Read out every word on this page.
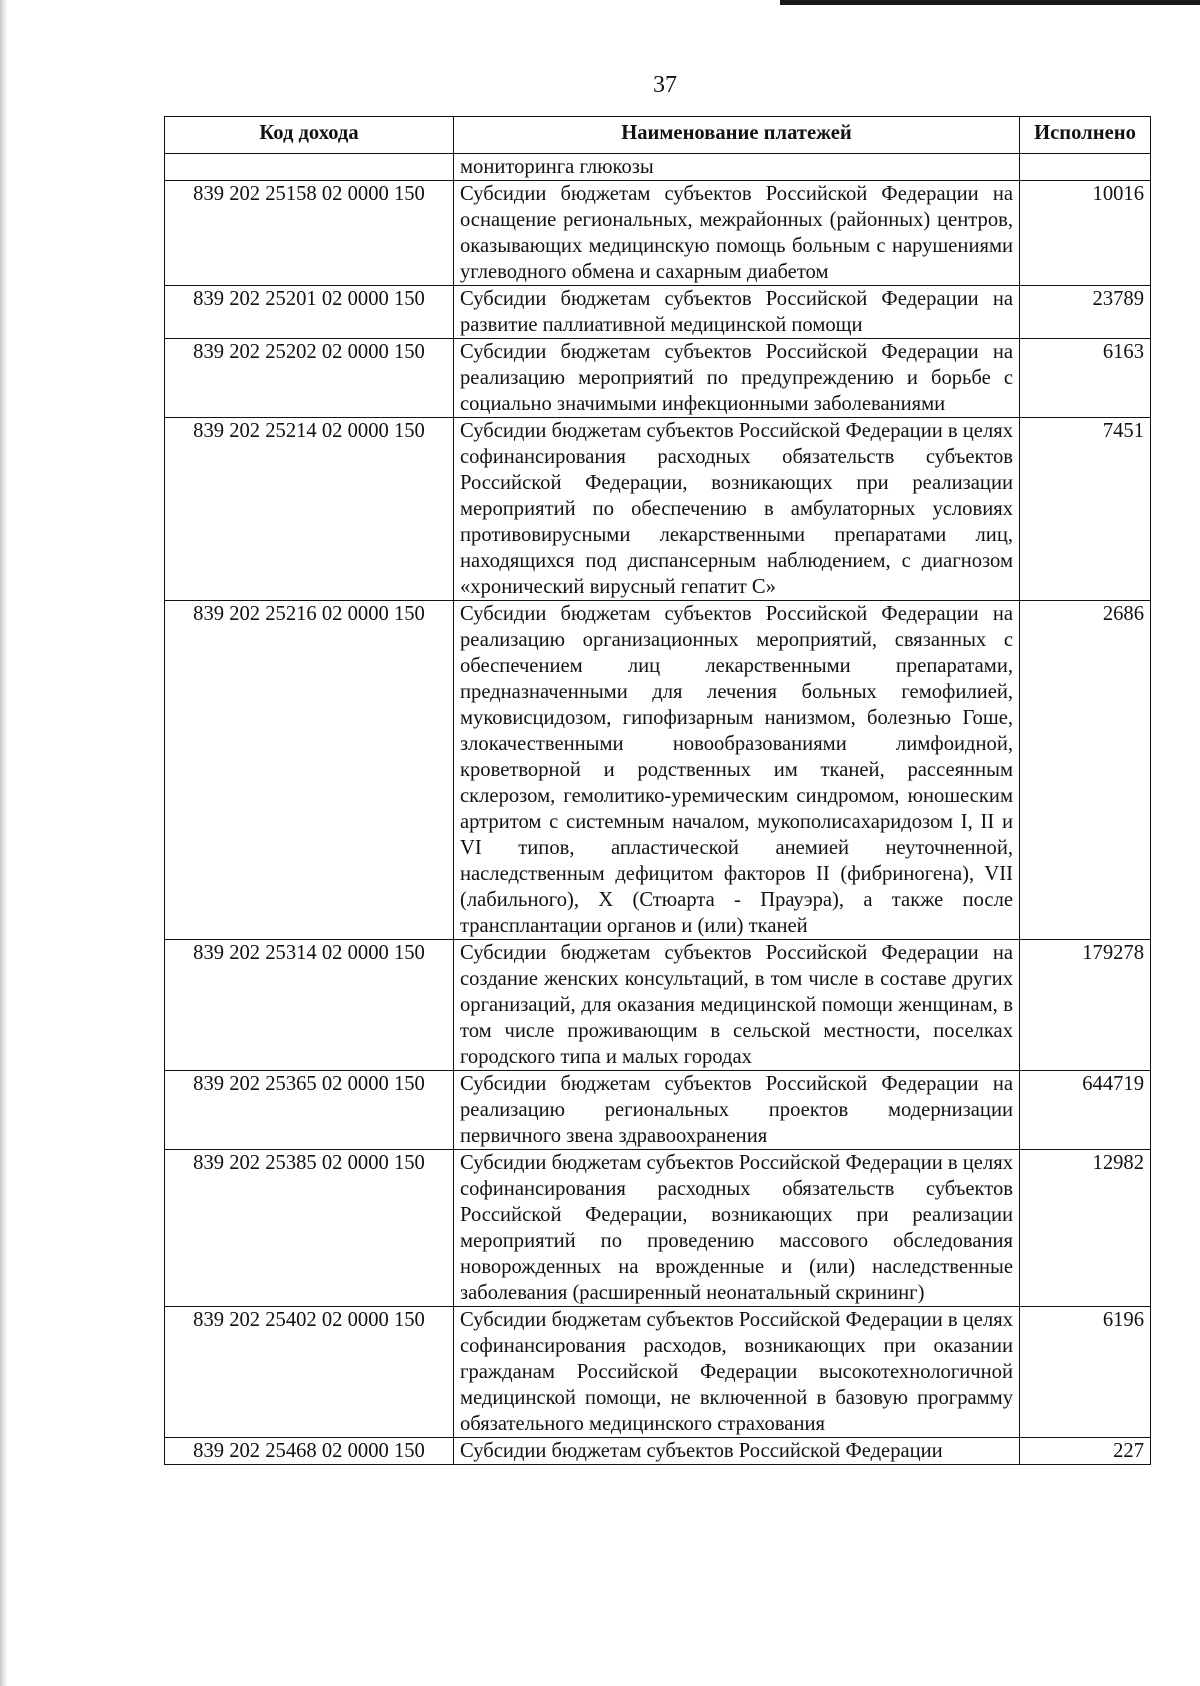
37
Код дохода	Наименование платежей	Исполнено
	мониторинга глюкозы	
839 202 25158 02 0000 150	Субсидии бюджетам субъектов Российской Федерации на оснащение региональных, межрайонных (районных) центров, оказывающих медицинскую помощь больным с нарушениями углеводного обмена и сахарным диабетом	10016
839 202 25201 02 0000 150	Субсидии бюджетам субъектов Российской Федерации на развитие паллиативной медицинской помощи	23789
839 202 25202 02 0000 150	Субсидии бюджетам субъектов Российской Федерации на реализацию мероприятий по предупреждению и борьбе с социально значимыми инфекционными заболеваниями	6163
839 202 25214 02 0000 150	Субсидии бюджетам субъектов Российской Федерации в целях софинансирования расходных обязательств субъектов Российской Федерации, возникающих при реализации мероприятий по обеспечению в амбулаторных условиях противовирусными лекарственными препаратами лиц, находящихся под диспансерным наблюдением, с диагнозом «хронический вирусный гепатит С»	7451
839 202 25216 02 0000 150	Субсидии бюджетам субъектов Российской Федерации на реализацию организационных мероприятий, связанных с обеспечением лиц лекарственными препаратами, предназначенными для лечения больных гемофилией, муковисцидозом, гипофизарным нанизмом, болезнью Гоше, злокачественными новообразованиями лимфоидной, кроветворной и родственных им тканей, рассеянным склерозом, гемолитико-уремическим синдромом, юношеским артритом с системным началом, мукополисахаридозом I, II и VI типов, апластической анемией неуточненной, наследственным дефицитом факторов II (фибриногена), VII (лабильного), X (Стюарта - Прауэра), а также после трансплантации органов и (или) тканей	2686
839 202 25314 02 0000 150	Субсидии бюджетам субъектов Российской Федерации на создание женских консультаций, в том числе в составе других организаций, для оказания медицинской помощи женщинам, в том числе проживающим в сельской местности, поселках городского типа и малых городах	179278
839 202 25365 02 0000 150	Субсидии бюджетам субъектов Российской Федерации на реализацию региональных проектов модернизации первичного звена здравоохранения	644719
839 202 25385 02 0000 150	Субсидии бюджетам субъектов Российской Федерации в целях софинансирования расходных обязательств субъектов Российской Федерации, возникающих при реализации мероприятий по проведению массового обследования новорожденных на врожденные и (или) наследственные заболевания (расширенный неонатальный скрининг)	12982
839 202 25402 02 0000 150	Субсидии бюджетам субъектов Российской Федерации в целях софинансирования расходов, возникающих при оказании гражданам Российской Федерации высокотехнологичной медицинской помощи, не включенной в базовую программу обязательного медицинского страхования	6196
839 202 25468 02 0000 150	Субсидии бюджетам субъектов Российской Федерации	227
